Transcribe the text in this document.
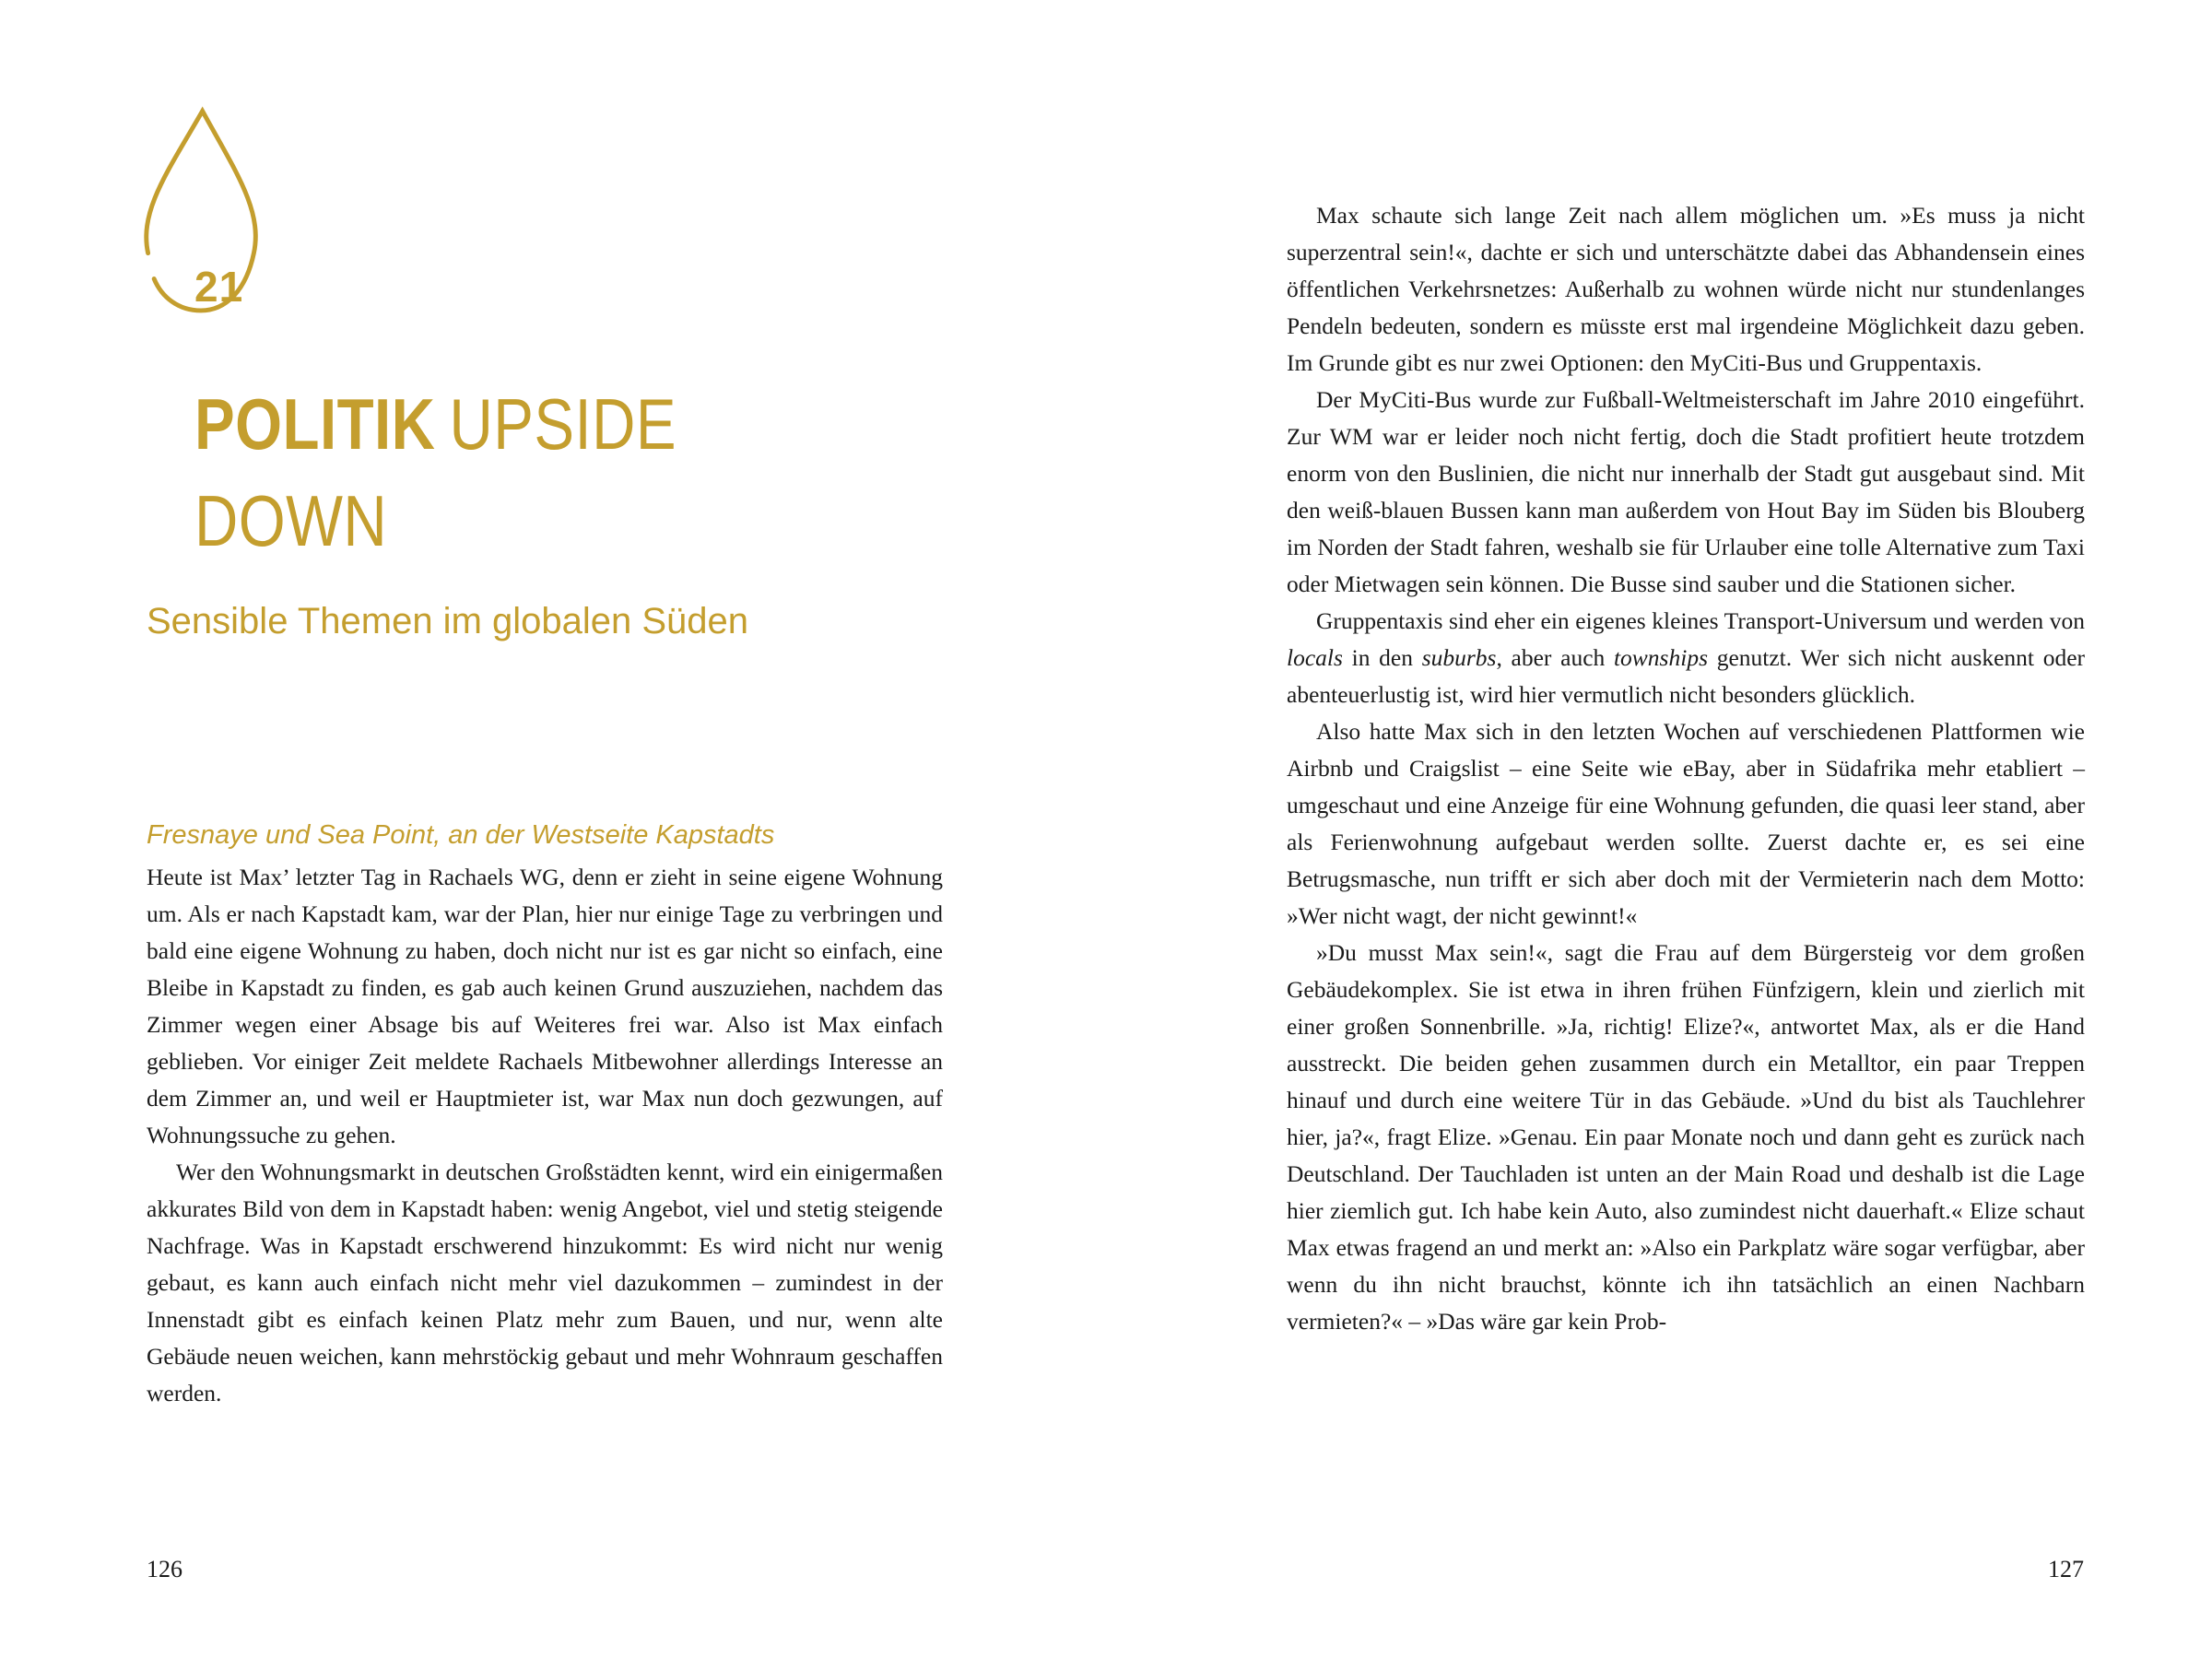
21
POLITIK UPSIDE
DOWN
Sensible Themen im globalen Süden
Fresnaye und Sea Point, an der Westseite Kapstadts

Heute ist Max’ letzter Tag in Rachaels WG, denn er zieht in seine eigene Wohnung um. Als er nach Kapstadt kam, war der Plan, hier nur einige Tage zu verbringen und bald eine eigene Wohnung zu haben, doch nicht nur ist es gar nicht so einfach, eine Bleibe in Kapstadt zu finden, es gab auch keinen Grund auszuziehen, nachdem das Zimmer wegen einer Absage bis auf Weiteres frei war. Also ist Max einfach geblieben. Vor einiger Zeit meldete Rachaels Mitbewohner allerdings Interesse an dem Zimmer an, und weil er Hauptmieter ist, war Max nun doch gezwungen, auf Wohnungssuche zu gehen.

Wer den Wohnungsmarkt in deutschen Großstädten kennt, wird ein einigermaßen akkurates Bild von dem in Kapstadt haben: wenig Angebot, viel und stetig steigende Nachfrage. Was in Kapstadt erschwerend hinzukommt: Es wird nicht nur wenig gebaut, es kann auch einfach nicht mehr viel dazukommen – zumindest in der Innenstadt gibt es einfach keinen Platz mehr zum Bauen, und nur, wenn alte Gebäude neuen weichen, kann mehrstöckig gebaut und mehr Wohnraum geschaffen werden.

126

Max schaute sich lange Zeit nach allem möglichen um. »Es muss ja nicht superzentral sein!«, dachte er sich und unterschätzte dabei das Abhandensein eines öffentlichen Verkehrsnetzes: Außerhalb zu wohnen würde nicht nur stundenlanges Pendeln bedeuten, sondern es müsste erst mal irgendeine Möglichkeit dazu geben. Im Grunde gibt es nur zwei Optionen: den MyCiti-Bus und Gruppentaxis.

Der MyCiti-Bus wurde zur Fußball-Weltmeisterschaft im Jahre 2010 eingeführt. Zur WM war er leider noch nicht fertig, doch die Stadt profitiert heute trotzdem enorm von den Buslinien, die nicht nur innerhalb der Stadt gut ausgebaut sind. Mit den weiß-blauen Bussen kann man außerdem von Hout Bay im Süden bis Blouberg im Norden der Stadt fahren, weshalb sie für Urlauber eine tolle Alternative zum Taxi oder Mietwagen sein können. Die Busse sind sauber und die Stationen sicher.

Gruppentaxis sind eher ein eigenes kleines Transport-Universum und werden von locals in den suburbs, aber auch townships genutzt. Wer sich nicht auskennt oder abenteuerlustig ist, wird hier vermutlich nicht besonders glücklich.

Also hatte Max sich in den letzten Wochen auf verschiedenen Plattformen wie Airbnb und Craigslist – eine Seite wie eBay, aber in Südafrika mehr etabliert – umgeschaut und eine Anzeige für eine Wohnung gefunden, die quasi leer stand, aber als Ferienwohnung aufgebaut werden sollte. Zuerst dachte er, es sei eine Betrugsmasche, nun trifft er sich aber doch mit der Vermieterin nach dem Motto: »Wer nicht wagt, der nicht gewinnt!«

»Du musst Max sein!«, sagt die Frau auf dem Bürgersteig vor dem großen Gebäudekomplex. Sie ist etwa in ihren frühen Fünfzigern, klein und zierlich mit einer großen Sonnenbrille. »Ja, richtig! Elize?«, antwortet Max, als er die Hand ausstreckt. Die beiden gehen zusammen durch ein Metalltor, ein paar Treppen hinauf und durch eine weitere Tür in das Gebäude. »Und du bist als Tauchlehrer hier, ja?«, fragt Elize. »Genau. Ein paar Monate noch und dann geht es zurück nach Deutschland. Der Tauchladen ist unten an der Main Road und deshalb ist die Lage hier ziemlich gut. Ich habe kein Auto, also zumindest nicht dauerhaft.« Elize schaut Max etwas fragend an und merkt an: »Also ein Parkplatz wäre sogar verfügbar, aber wenn du ihn nicht brauchst, könnte ich ihn tatsächlich an einen Nachbarn vermieten?« – »Das wäre gar kein Prob-

127
